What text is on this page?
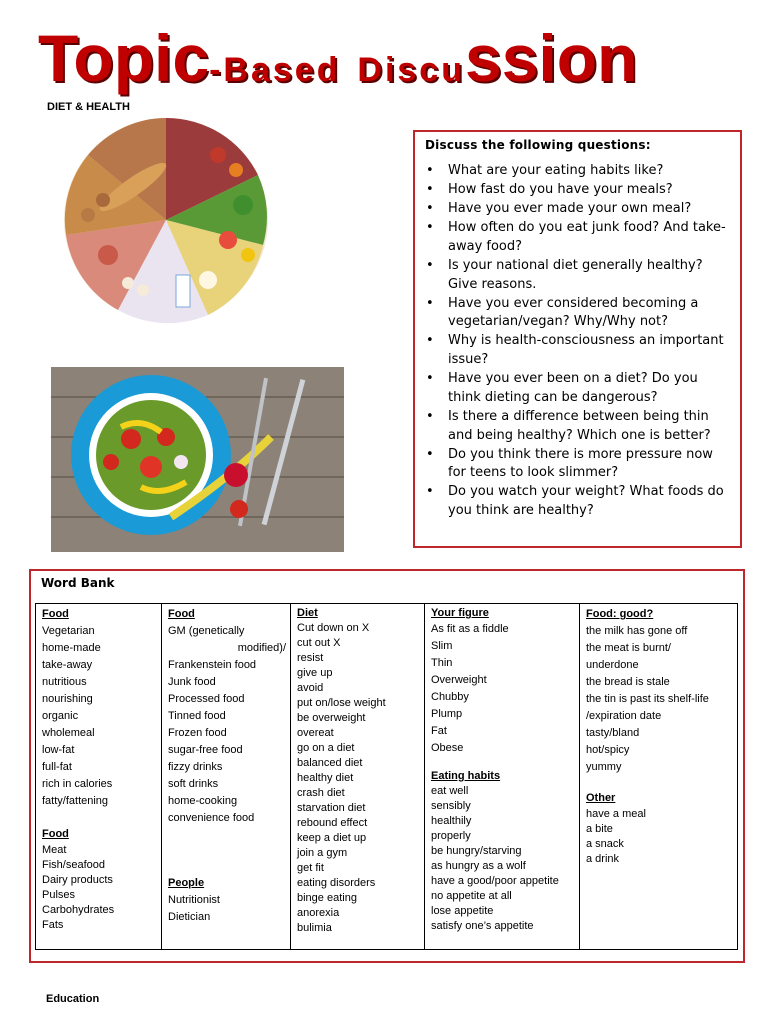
Topic-Based Discussion
DIET & HEALTH
Discuss the following questions:
• What are your eating habits like?
• How fast do you have your meals?
• Have you ever made your own meal?
• How often do you eat junk food? And take-away food?
• Is your national diet generally healthy? Give reasons.
• Have you ever considered becoming a vegetarian/vegan? Why/Why not?
• Why is health-consciousness an important issue?
• Have you ever been on a diet? Do you think dieting can be dangerous?
• Is there a difference between being thin and being healthy? Which one is better?
• Do you think there is more pressure now for teens to look slimmer?
• Do you watch your weight? What foods do you think are healthy?
Word Bank
Food
Vegetarian
home-made
take-away
nutritious
nourishing
organic
wholemeal
low-fat
full-fat
rich in calories
fatty/fattening
Food
Meat
Fish/seafood
Dairy products
Pulses
Carbohydrates
Fats
Food
GM (genetically
modified)/
Frankenstein food
Junk food
Processed food
Tinned food
Frozen food
sugar-free food
fizzy drinks
soft drinks
home-cooking
convenience food
People
Nutritionist
Dietician
Diet
Cut down on X
cut out X
resist
give up
avoid
put on/lose weight
be overweight
overeat
go on a diet
balanced diet
healthy diet
crash diet
starvation diet
rebound effect
keep a diet up
join a gym
get fit
eating disorders
binge eating
anorexia
bulimia
Your figure
As fit as a fiddle
Slim
Thin
Overweight
Chubby
Plump
Fat
Obese
Eating habits
eat well
sensibly
healthily
properly
be hungry/starving
as hungry as a wolf
have a good/poor appetite
no appetite at all
lose appetite
satisfy one’s appetite
Food: good?
the milk has gone off
the meat is burnt/
underdone
the bread is stale
the tin is past its shelf-life
/expiration date
tasty/bland
hot/spicy
yummy
Other
have a meal
a bite
a snack
a drink
Education
